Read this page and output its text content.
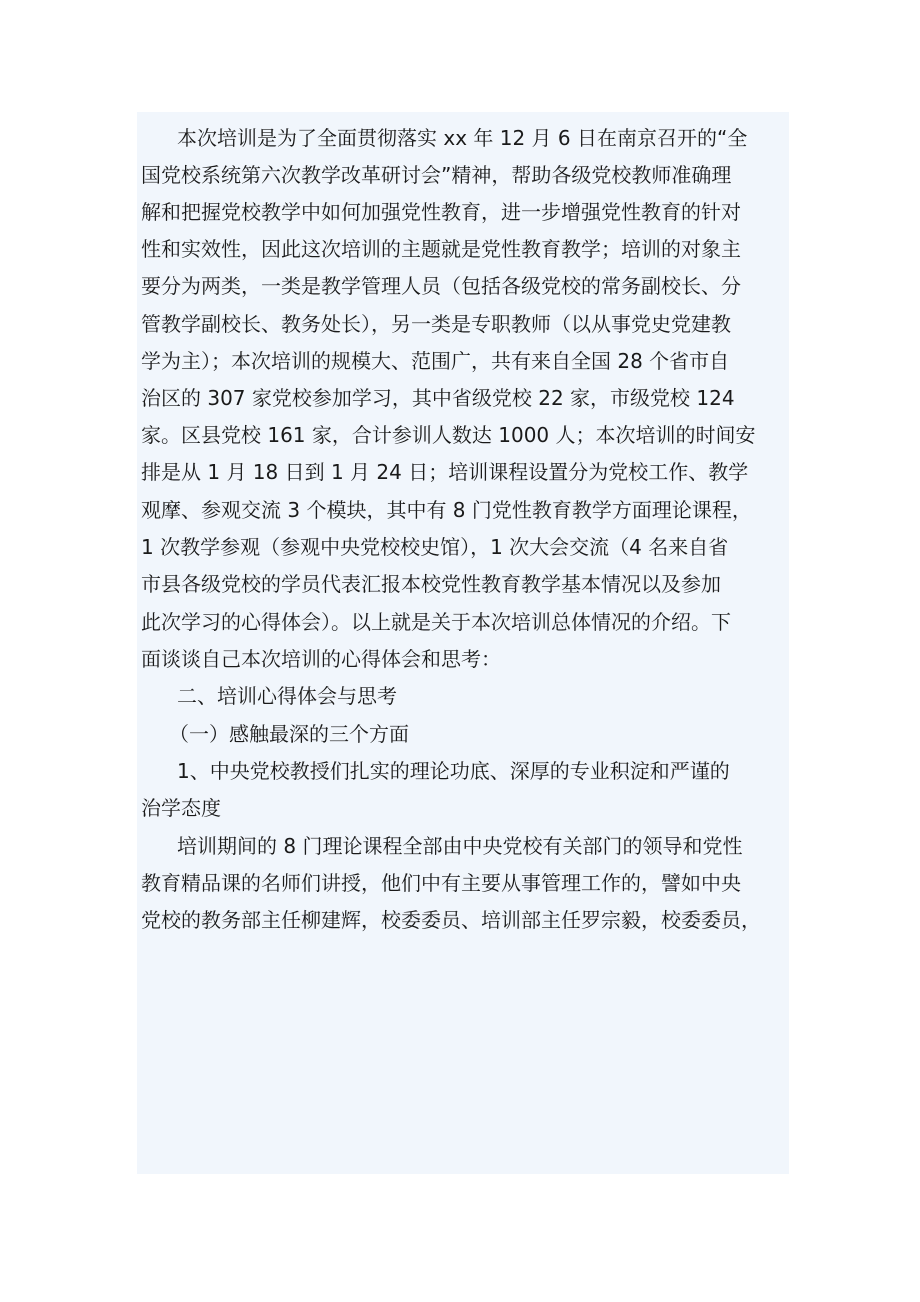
本次培训是为了全面贯彻落实 xx 年 12 月 6 日在南京召开的“全
国党校系统第六次教学改革研讨会”精神，帮助各级党校教师准确理
解和把握党校教学中如何加强党性教育，进一步增强党性教育的针对
性和实效性，因此这次培训的主题就是党性教育教学；培训的对象主
要分为两类，一类是教学管理人员（包括各级党校的常务副校长、分
管教学副校长、教务处长），另一类是专职教师（以从事党史党建教
学为主）；本次培训的规模大、范围广，共有来自全国 28 个省市自
治区的 307 家党校参加学习，其中省级党校 22 家，市级党校 124
家。区县党校 161 家，合计参训人数达 1000 人；本次培训的时间安
排是从 1 月 18 日到 1 月 24 日；培训课程设置分为党校工作、教学
观摩、参观交流 3 个模块，其中有 8 门党性教育教学方面理论课程，
1 次教学参观（参观中央党校校史馆），1 次大会交流（4 名来自省
市县各级党校的学员代表汇报本校党性教育教学基本情况以及参加
此次学习的心得体会）。以上就是关于本次培训总体情况的介绍。下
面谈谈自己本次培训的心得体会和思考：
二、培训心得体会与思考
（一）感触最深的三个方面
1、中央党校教授们扎实的理论功底、深厚的专业积淀和严谨的
治学态度
培训期间的 8 门理论课程全部由中央党校有关部门的领导和党性
教育精品课的名师们讲授，他们中有主要从事管理工作的，譬如中央
党校的教务部主任柳建辉，校委委员、培训部主任罗宗毅，校委委员，
